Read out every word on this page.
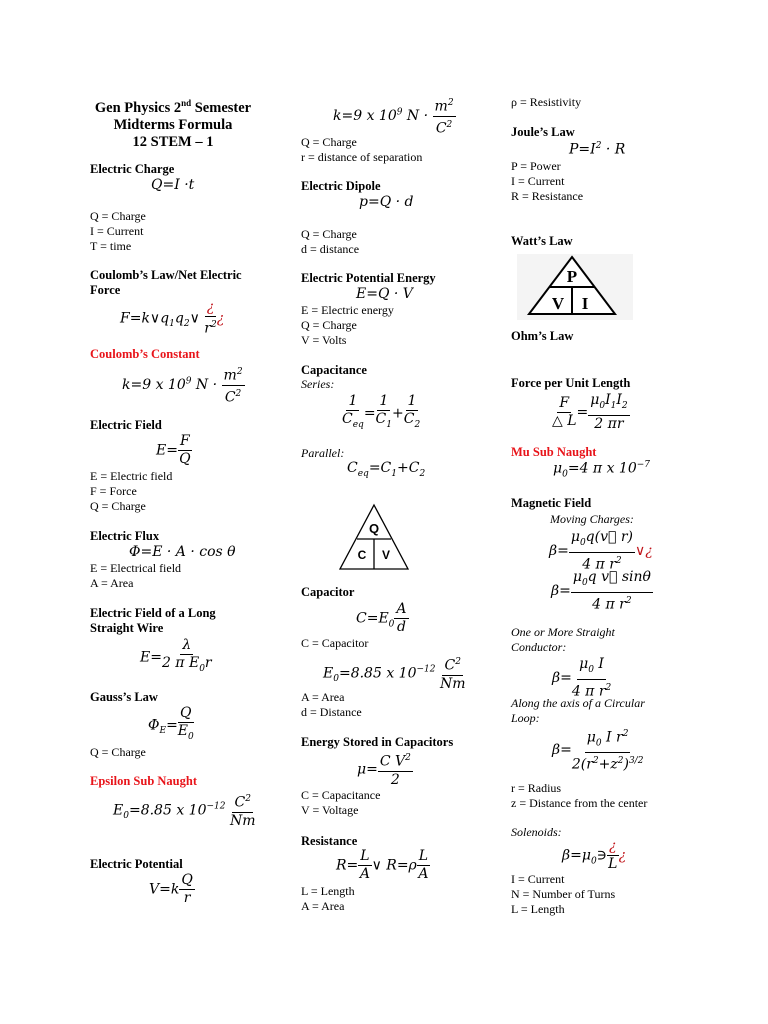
Gen Physics 2nd Semester
Midterms Formula
12 STEM – 1
Electric Charge
Q=I ·t
Q = Charge
I = Current
T = time
Coulomb’s Law/Net Electric
Force
$F=k\vee q_1q_2\vee \frac{¿}{r^2}$ ¿
Coulomb’s Constant
k=9 x $10^9$ $N \cdot \frac{m^2}{C^2}$
Electric Field
$E= \frac{F}{Q}$
E = Electric field
F = Force
Q = Charge
Electric Flux
Φ=E · A · cos θ
E = Electrical field
A = Area
Electric Field of a Long
Straight Wire
$E= \frac{\lambda}{2 \pi E_0r}$
Gauss’s Law
$\Phi_E= \frac{Q}{E_0}$
Q = Charge
Epsilon Sub Naught
$E_0=8.85$ x $10^{-12} \frac{C^2}{Nm}$
Electric Potential
$V=k \frac{Q}{r}$
k=9 x $10^9$ $N \cdot \frac{m^2}{C^2}$
Q = Charge
r = distance of separation
Electric Dipole
p=Q · d
Q = Charge
d = distance
Electric Potential Energy
E=Q · V
E = Electric energy
Q = Charge
V = Volts
Capacitance
Series:
$\frac{1}{C_{eq}} = \frac{1}{C_1} + \frac{1}{C_2}$
Parallel:
$C_{eq}=C_1+C_2$
Q
C V
Capacitor
$C=E_0 \frac{A}{d}$
C = Capacitor
$E_0=8.85$ x $10^{-12} \frac{C^2}{Nm}$
A = Area
d = Distance
Energy Stored in Capacitors
$\mu= \frac{C V^2}{2}$
C = Capacitance
V = Voltage
Resistance
$R= \frac{L}{A}$ ∨ $R=\rho \frac{L}{A}$
L = Length
A = Area
ρ = Resistivity
Joule’s Law
$P=I^2 \cdot R$
P = Power
I = Current
R = Resistance
Watt’s Law
P
V I
Ohm’s Law
Force per Unit Length
$\frac{F}{\triangle L} = \frac{\mu_0I_1I_2}{2 \pi r}$
Mu Sub Naught
$\mu_0=4$ π x $10^{-7}$
Magnetic Field
Moving Charges:
$\beta= \frac{\mu_0q(v⃗ r)}{4 \pi r^2}$ ∨¿
$\beta= \frac{\mu_0q v⃗ \sin\theta}{4 \pi r^2}$
One or More Straight
Conductor:
$\beta= \frac{\mu_0 I}{4 \pi r^2}$
Along the axis of a Circular
Loop:
$\beta= \frac{\mu_0 I r^2}{2(r^2+z^2)^{3/2}}$
r = Radius
z = Distance from the center
Solenoids:
$\beta=\mu_0∋ \frac{¿}{L}$ ¿
I = Current
N = Number of Turns
L = Length
